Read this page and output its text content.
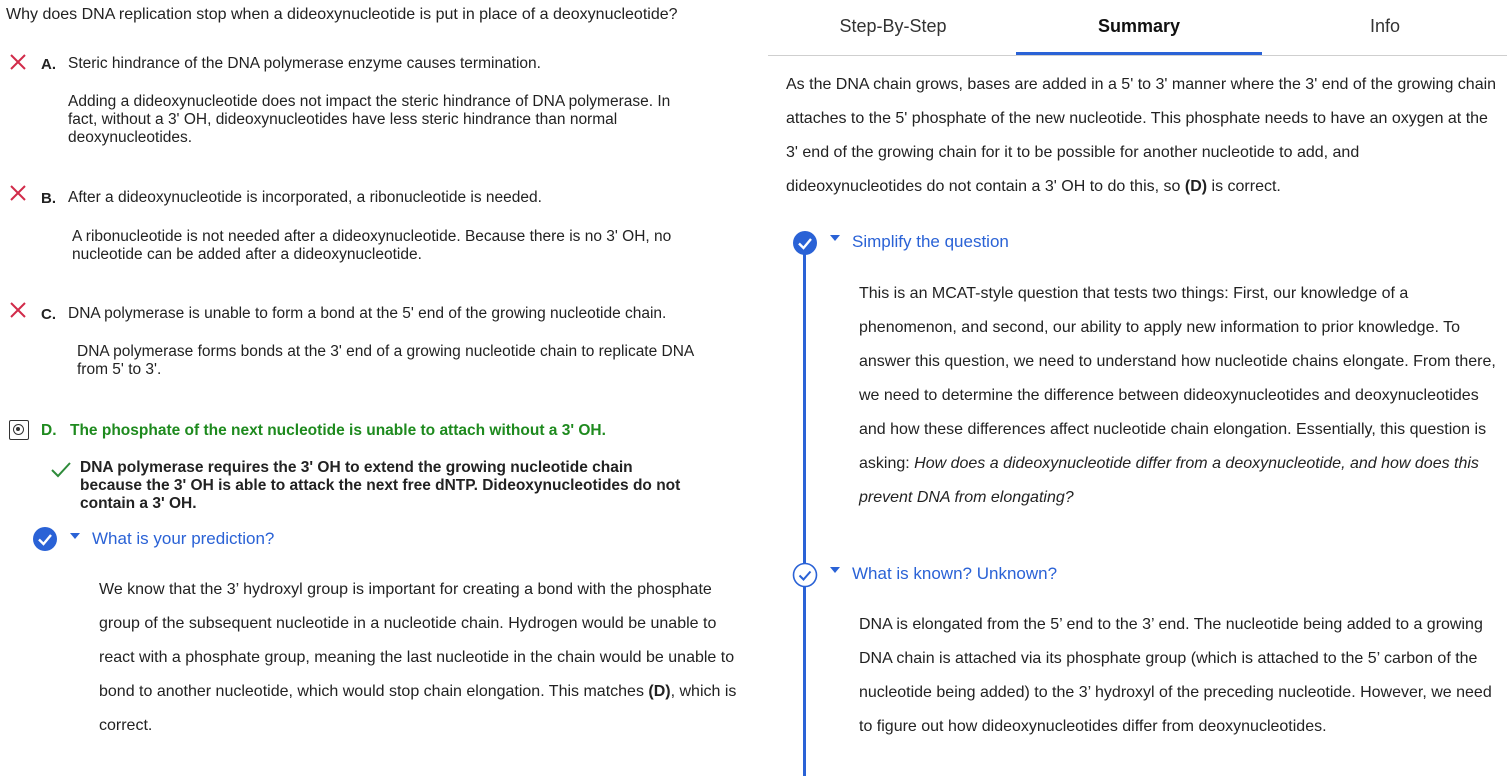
Why does DNA replication stop when a dideoxynucleotide is put in place of a deoxynucleotide?
A. Steric hindrance of the DNA polymerase enzyme causes termination.
Adding a dideoxynucleotide does not impact the steric hindrance of DNA polymerase. In
fact, without a 3' OH, dideoxynucleotides have less steric hindrance than normal
deoxynucleotides.
B. After a dideoxynucleotide is incorporated, a ribonucleotide is needed.
A ribonucleotide is not needed after a dideoxynucleotide. Because there is no 3' OH, no
nucleotide can be added after a dideoxynucleotide.
C. DNA polymerase is unable to form a bond at the 5' end of the growing nucleotide chain.
DNA polymerase forms bonds at the 3' end of a growing nucleotide chain to replicate DNA
from 5' to 3'.
D. The phosphate of the next nucleotide is unable to attach without a 3' OH.
DNA polymerase requires the 3' OH to extend the growing nucleotide chain
because the 3' OH is able to attack the next free dNTP. Dideoxynucleotides do not
contain a 3' OH.
What is your prediction?
We know that the 3’ hydroxyl group is important for creating a bond with the phosphate group of the subsequent nucleotide in a nucleotide chain. Hydrogen would be unable to react with a phosphate group, meaning the last nucleotide in the chain would be unable to bond to another nucleotide, which would stop chain elongation. This matches (D), which is correct.
Step-By-Step	Summary	Info
As the DNA chain grows, bases are added in a 5' to 3' manner where the 3' end of the growing chain attaches to the 5' phosphate of the new nucleotide. This phosphate needs to have an oxygen at the 3' end of the growing chain for it to be possible for another nucleotide to add, and dideoxynucleotides do not contain a 3' OH to do this, so (D) is correct.
Simplify the question
This is an MCAT-style question that tests two things: First, our knowledge of a phenomenon, and second, our ability to apply new information to prior knowledge. To answer this question, we need to understand how nucleotide chains elongate. From there, we need to determine the difference between dideoxynucleotides and deoxynucleotides and how these differences affect nucleotide chain elongation. Essentially, this question is asking: How does a dideoxynucleotide differ from a deoxynucleotide, and how does this prevent DNA from elongating?
What is known? Unknown?
DNA is elongated from the 5’ end to the 3’ end. The nucleotide being added to a growing DNA chain is attached via its phosphate group (which is attached to the 5’ carbon of the nucleotide being added) to the 3’ hydroxyl of the preceding nucleotide. However, we need to figure out how dideoxynucleotides differ from deoxynucleotides.
